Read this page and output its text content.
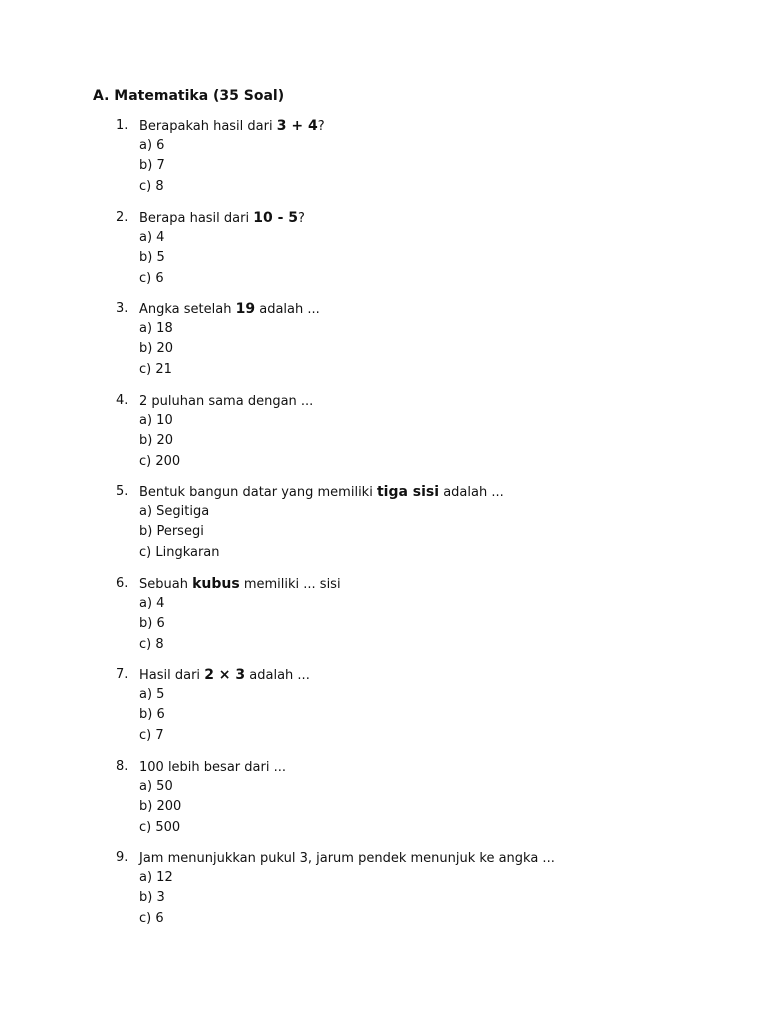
A. Matematika (35 Soal)
1. Berapakah hasil dari 3 + 4?
a) 6
b) 7
c) 8
2. Berapa hasil dari 10 - 5?
a) 4
b) 5
c) 6
3. Angka setelah 19 adalah ...
a) 18
b) 20
c) 21
4. 2 puluhan sama dengan ...
a) 10
b) 20
c) 200
5. Bentuk bangun datar yang memiliki tiga sisi adalah ...
a) Segitiga
b) Persegi
c) Lingkaran
6. Sebuah kubus memiliki ... sisi
a) 4
b) 6
c) 8
7. Hasil dari 2 × 3 adalah ...
a) 5
b) 6
c) 7
8. 100 lebih besar dari ...
a) 50
b) 200
c) 500
9. Jam menunjukkan pukul 3, jarum pendek menunjuk ke angka ...
a) 12
b) 3
c) 6
